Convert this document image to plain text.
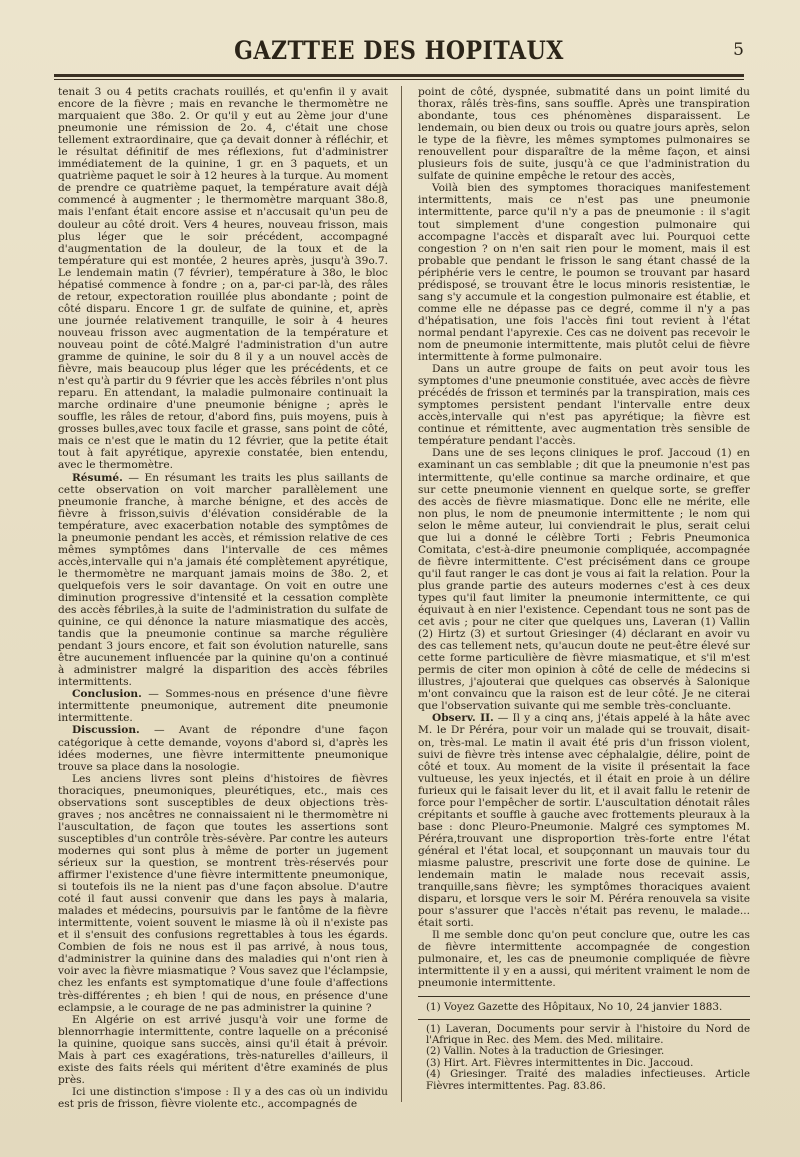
GAZTTEE DES HOPITAUX	5

tenait 3 ou 4 petits crachats rouillés, et qu'enfin il y avait encore de la fièvre ; mais en revanche le thermomètre ne marquaient que 38o. 2. Or qu'il y eut au 2ème jour d'une pneumonie une rémission de 2o. 4, c'était une chose tellement extraordinaire, que ça devait donner à réfléchir, et le résultat définitif de mes réflexions, fut d'administrer immédiatement de la quinine, 1 gr. en 3 paquets, et un quatrième paquet le soir à 12 heures à la turque. Au moment de prendre ce quatrième paquet, la température avait déjà commencé à augmenter ; le thermomètre marquant 38o.8, mais l'enfant était encore assise et n'accusait qu'un peu de douleur au côté droit. Vers 4 heures, nouveau frisson, mais plus léger que le soir précédent, accompagné d'augmentation de la douleur, de la toux et de la température qui est montée, 2 heures après, jusqu'à 39o.7. Le lendemain matin (7 février), température à 38o, le bloc hépatisé commence à fondre ; on a, par-ci par-là, des râles de retour, expectoration rouillée plus abondante ; point de côté disparu. Encore 1 gr. de sulfate de quinine, et, après une journée relativement tranquille, le soir à 4 heures nouveau frisson avec augmentation de la température et nouveau point de côté.Malgré l'administration d'un autre gramme de quinine, le soir du 8 il y a un nouvel accès de fièvre, mais beaucoup plus léger que les précédents, et ce n'est qu'à partir du 9 février que les accès fébriles n'ont plus reparu. En attendant, la maladie pulmonaire continuait la marche ordinaire d'une pneumonie bénigne ; après le souffle, les râles de retour, d'abord fins, puis moyens, puis à grosses bulles,avec toux facile et grasse, sans point de côté, mais ce n'est que le matin du 12 février, que la petite était tout à fait apyrétique, apyrexie constatée, bien entendu, avec le thermomètre.

Résumé. — En résumant les traits les plus saillants de cette observation on voit marcher parallèlement une pneumonie franche, à marche bénigne, et des accès de fièvre à frisson,suivis d'élévation considérable de la température, avec exacerbation notable des symptômes de la pneumonie pendant les accès, et rémission relative de ces mêmes symptômes dans l'intervalle de ces mêmes accès,intervalle qui n'a jamais été complètement apyrétique, le thermomètre ne marquant jamais moins de 38o. 2, et quelquefois vers le soir davantage. On voit en outre une diminution progressive d'intensité et la cessation complète des accès fébriles,à la suite de l'administration du sulfate de quinine, ce qui dénonce la nature miasmatique des accès, tandis que la pneumonie continue sa marche régulière pendant 3 jours encore, et fait son évolution naturelle, sans être aucunement influencée par la quinine qu'on a continué à administrer malgré la disparition des accès fébriles intermittents.

Conclusion. — Sommes-nous en présence d'une fièvre intermittente pneumonique, autrement dite pneumonie intermittente.

Discussion. — Avant de répondre d'une façon catégorique à cette demande, voyons d'abord si, d'après les idées modernes, une fièvre intermittente pneumonique trouve sa place dans la nosologie.

Les anciens livres sont pleins d'histoires de fièvres thoraciques, pneumoniques, pleurétiques, etc., mais ces observations sont susceptibles de deux objections très-graves ; nos ancêtres ne connaissaient ni le thermomètre ni l'auscultation, de façon que toutes les assertions sont susceptibles d'un contrôle très-sévère. Par contre les auteurs modernes qui sont plus à même de porter un jugement sérieux sur la question, se montrent très-réservés pour affirmer l'existence d'une fièvre intermittente pneumonique, si toutefois ils ne la nient pas d'une façon absolue. D'autre coté il faut aussi convenir que dans les pays à malaria, malades et médecins, poursuivis par le fantôme de la fièvre intermittente, voient souvent le miasme là où il n'existe pas et il s'ensuit des confusions regrettables à tous les égards. Combien de fois ne nous est il pas arrivé, à nous tous, d'administrer la quinine dans des maladies qui n'ont rien à voir avec la fièvre miasmatique ? Vous savez que l'éclampsie, chez les enfants est symptomatique d'une foule d'affections très-différentes ; eh bien ! qui de nous, en présence d'une eclampsie, a le courage de ne pas administrer la quinine ?

En Algérie on est arrivé jusqu'à voir une forme de blennorrhagie intermittente, contre laquelle on a préconisé la quinine, quoique sans succès, ainsi qu'il était à prévoir. Mais à part ces exagérations, très-naturelles d'ailleurs, il existe des faits réels qui méritent d'être examinés de plus près.

Ici une distinction s'impose : Il y a des cas où un individu est pris de frisson, fièvre violente etc., accompagnés de

point de côté, dyspnée, submatité dans un point limité du thorax, râlés très-fins, sans souffle. Après une transpiration abondante, tous ces phénomènes disparaissent. Le lendemain, ou bien deux ou trois ou quatre jours après, selon le type de la fièvre, les mêmes symptomes pulmonaires se renouvellent pour disparaître de la même façon, et ainsi plusieurs fois de suite, jusqu'à ce que l'administration du sulfate de quinine empêche le retour des accès,

Voilà bien des symptomes thoraciques manifestement intermittents, mais ce n'est pas une pneumonie intermittente, parce qu'il n'y a pas de pneumonie : il s'agit tout simplement d'une congestion pulmonaire qui accompagne l'accès et disparaît avec lui. Pourquoi cette congestion ? on n'en sait rien pour le moment, mais il est probable que pendant le frisson le sang étant chassé de la périphérie vers le centre, le poumon se trouvant par hasard prédisposé, se trouvant être le locus minoris resistentiæ, le sang s'y accumule et la congestion pulmonaire est établie, et comme elle ne dépasse pas ce degré, comme il n'y a pas d'hépatisation, une fois l'accès fini tout revient à l'état normal pendant l'apyrexie. Ces cas ne doivent pas recevoir le nom de pneumonie intermittente, mais plutôt celui de fièvre intermittente à forme pulmonaire.

Dans un autre groupe de faits on peut avoir tous les symptomes d'une pneumonie constituée, avec accès de fièvre précédés de frisson et terminés par la transpiration, mais ces symptomes persistent pendant l'intervalle entre deux accès,intervalle qui n'est pas apyrétique; la fièvre est continue et rémittente, avec augmentation très sensible de température pendant l'accès.

Dans une de ses leçons cliniques le prof. Jaccoud (1) en examinant un cas semblable ; dit que la pneumonie n'est pas intermittente, qu'elle continue sa marche ordinaire, et que sur cette pneumonie viennent en quelque sorte, se greffer des accès de fièvre miasmatique. Donc elle ne mérite, elle non plus, le nom de pneumonie intermittente ; le nom qui selon le même auteur, lui conviendrait le plus, serait celui que lui a donné le célèbre Torti ; Febris Pneumonica Comitata, c'est-à-dire pneumonie compliquée, accompagnée de fièvre intermittente. C'est précisément dans ce groupe qu'il faut ranger le cas dont je vous ai fait la relation. Pour la plus grande partie des auteurs modernes c'est à ces deux types qu'il faut limiter la pneumonie intermittente, ce qui équivaut à en nier l'existence. Cependant tous ne sont pas de cet avis ; pour ne citer que quelques uns, Laveran (1) Vallin (2) Hirtz (3) et surtout Griesinger (4) déclarant en avoir vu des cas tellement nets, qu'aucun doute ne peut-être élevé sur cette forme particulière de fièvre miasmatique, et s'il m'est permis de citer mon opinion à côté de celle de médecins si illustres, j'ajouterai que quelques cas observés à Salonique m'ont convaincu que la raison est de leur côté. Je ne citerai que l'observation suivante qui me semble très-concluante.

Observ. II. — Il y a cinq ans, j'étais appelé à la hâte avec M. le Dr Péréra, pour voir un malade qui se trouvait, disait-on, très-mal. Le matin il avait été pris d'un frisson violent, suivi de fièvre très intense avec céphalalgie, délire, point de côté et toux. Au moment de la visite il présentait la face vultueuse, les yeux injectés, et il était en proie à un délire furieux qui le faisait lever du lit, et il avait fallu le retenir de force pour l'empêcher de sortir. L'auscultation dénotait râles crépitants et souffle à gauche avec frottements pleuraux à la base : donc Pleuro-Pneumonie. Malgré ces symptomes M. Péréra,trouvant une disproportion très-forte entre l'état général et l'état local, et soupçonnant un mauvais tour du miasme palustre, prescrivit une forte dose de quinine. Le lendemain matin le malade nous recevait assis, tranquille,sans fièvre; les symptômes thoraciques avaient disparu, et lorsque vers le soir M. Péréra renouvela sa visite pour s'assurer que l'accès n'était pas revenu, le malade... était sorti.

Il me semble donc qu'on peut conclure que, outre les cas de fièvre intermittente accompagnée de congestion pulmonaire, et, les cas de pneumonie compliquée de fièvre intermittente il y en a aussi, qui méritent vraiment le nom de pneumonie intermittente.

(1) Voyez Gazette des Hôpitaux, No 10, 24 janvier 1883.

(1) Laveran, Documents pour servir à l'histoire du Nord de l'Afrique in Rec. des Mem. des Med. militaire.

(2) Vallin. Notes à la traduction de Griesinger.

(3) Hirt. Art. Fièvres intermittentes in Dic. Jaccoud.

(4) Griesinger. Traité des maladies infectieuses. Article Fièvres intermittentes. Pag. 83.86.
